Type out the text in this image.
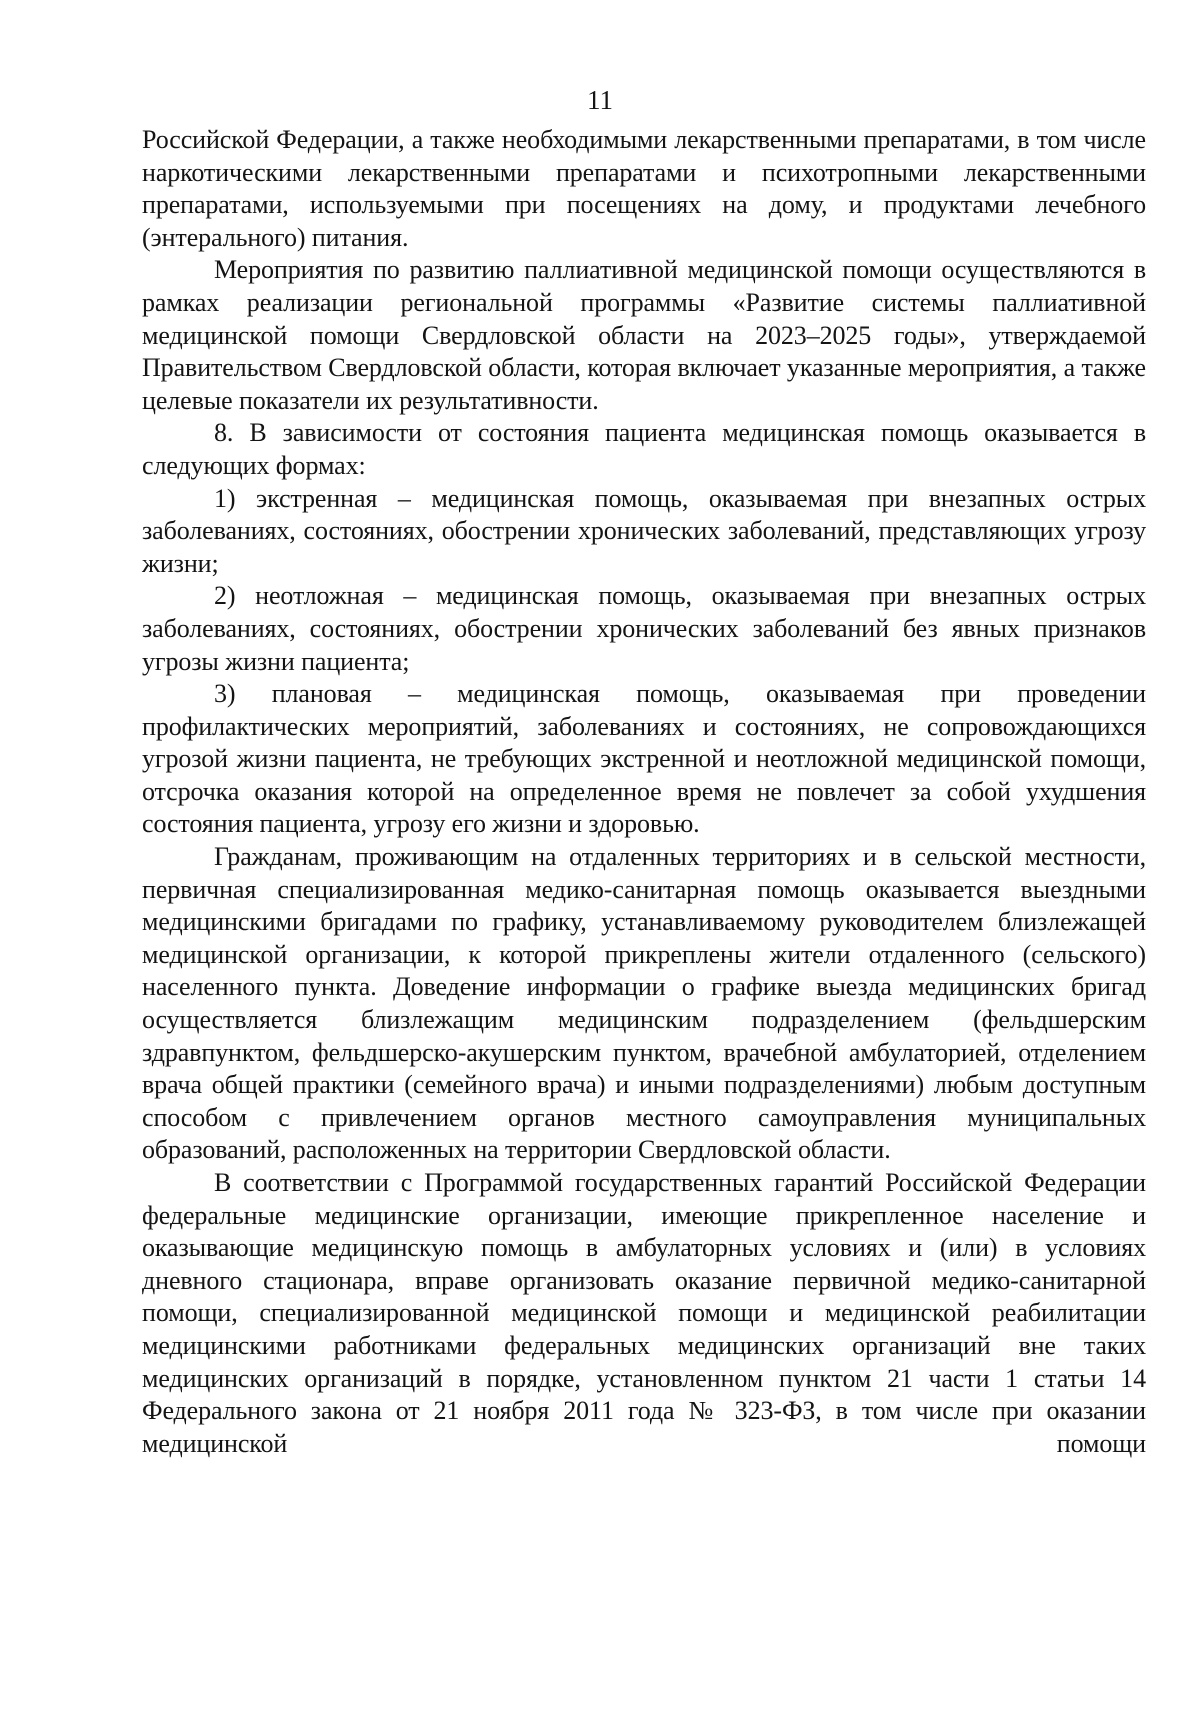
11

Российской Федерации, а также необходимыми лекарственными препаратами, в том числе наркотическими лекарственными препаратами и психотропными лекарственными препаратами, используемыми при посещениях на дому, и продуктами лечебного (энтерального) питания.

Мероприятия по развитию паллиативной медицинской помощи осуществляются в рамках реализации региональной программы «Развитие системы паллиативной медицинской помощи Свердловской области на 2023–2025 годы», утверждаемой Правительством Свердловской области, которая включает указанные мероприятия, а также целевые показатели их результативности.

8. В зависимости от состояния пациента медицинская помощь оказывается в следующих формах:

1) экстренная – медицинская помощь, оказываемая при внезапных острых заболеваниях, состояниях, обострении хронических заболеваний, представляющих угрозу жизни;

2) неотложная – медицинская помощь, оказываемая при внезапных острых заболеваниях, состояниях, обострении хронических заболеваний без явных признаков угрозы жизни пациента;

3) плановая – медицинская помощь, оказываемая при проведении профилактических мероприятий, заболеваниях и состояниях, не сопровождающихся угрозой жизни пациента, не требующих экстренной и неотложной медицинской помощи, отсрочка оказания которой на определенное время не повлечет за собой ухудшения состояния пациента, угрозу его жизни и здоровью.

Гражданам, проживающим на отдаленных территориях и в сельской местности, первичная специализированная медико-санитарная помощь оказывается выездными медицинскими бригадами по графику, устанавливаемому руководителем близлежащей медицинской организации, к которой прикреплены жители отдаленного (сельского) населенного пункта. Доведение информации о графике выезда медицинских бригад осуществляется близлежащим медицинским подразделением (фельдшерским здравпунктом, фельдшерско-акушерским пунктом, врачебной амбулаторией, отделением врача общей практики (семейного врача) и иными подразделениями) любым доступным способом с привлечением органов местного самоуправления муниципальных образований, расположенных на территории Свердловской области.

В соответствии с Программой государственных гарантий Российской Федерации федеральные медицинские организации, имеющие прикрепленное население и оказывающие медицинскую помощь в амбулаторных условиях и (или) в условиях дневного стационара, вправе организовать оказание первичной медико-санитарной помощи, специализированной медицинской помощи и медицинской реабилитации медицинскими работниками федеральных медицинских организаций вне таких медицинских организаций в порядке, установленном пунктом 21 части 1 статьи 14 Федерального закона от 21 ноября 2011 года № 323-ФЗ, в том числе при оказании медицинской помощи
